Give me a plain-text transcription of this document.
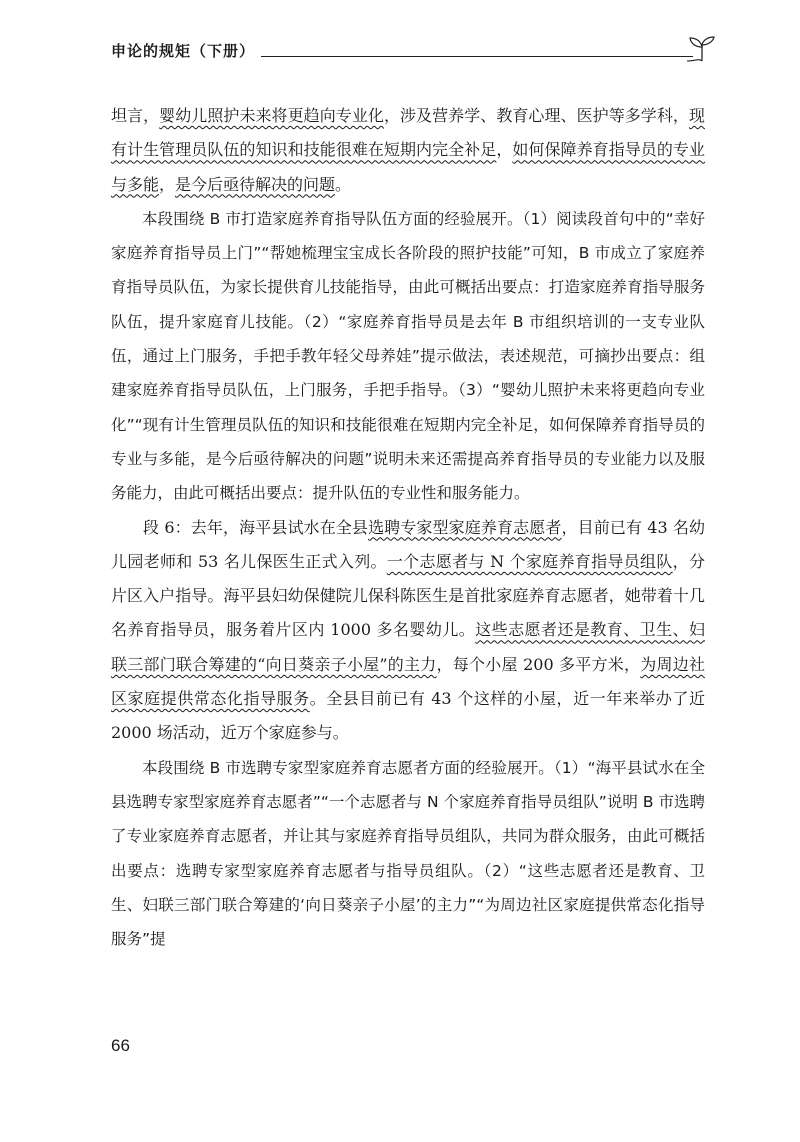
申论的规矩（下册）

坦言，婴幼儿照护未来将更趋向专业化，涉及营养学、教育心理、医护等多学科，现有计生管理员队伍的知识和技能很难在短期内完全补足，如何保障养育指导员的专业与多能，是今后亟待解决的问题。

本段围绕 B 市打造家庭养育指导队伍方面的经验展开。（1）阅读段首句中的“幸好家庭养育指导员上门”“帮她梳理宝宝成长各阶段的照护技能”可知，B 市成立了家庭养育指导员队伍，为家长提供育儿技能指导，由此可概括出要点：打造家庭养育指导服务队伍，提升家庭育儿技能。（2）“家庭养育指导员是去年 B 市组织培训的一支专业队伍，通过上门服务，手把手教年轻父母养娃”提示做法，表述规范，可摘抄出要点：组建家庭养育指导员队伍，上门服务，手把手指导。（3）“婴幼儿照护未来将更趋向专业化”“现有计生管理员队伍的知识和技能很难在短期内完全补足，如何保障养育指导员的专业与多能，是今后亟待解决的问题”说明未来还需提高养育指导员的专业能力以及服务能力，由此可概括出要点：提升队伍的专业性和服务能力。

段 6：去年，海平县试水在全县选聘专家型家庭养育志愿者，目前已有 43 名幼儿园老师和 53 名儿保医生正式入列。一个志愿者与 N 个家庭养育指导员组队，分片区入户指导。海平县妇幼保健院儿保科陈医生是首批家庭养育志愿者，她带着十几名养育指导员，服务着片区内 1000 多名婴幼儿。这些志愿者还是教育、卫生、妇联三部门联合筹建的“向日葵亲子小屋”的主力，每个小屋 200 多平方米，为周边社区家庭提供常态化指导服务。全县目前已有 43 个这样的小屋，近一年来举办了近 2000 场活动，近万个家庭参与。

本段围绕 B 市选聘专家型家庭养育志愿者方面的经验展开。（1）“海平县试水在全县选聘专家型家庭养育志愿者”“一个志愿者与 N 个家庭养育指导员组队”说明 B 市选聘了专业家庭养育志愿者，并让其与家庭养育指导员组队，共同为群众服务，由此可概括出要点：选聘专家型家庭养育志愿者与指导员组队。（2）“这些志愿者还是教育、卫生、妇联三部门联合筹建的‘向日葵亲子小屋’的主力”“为周边社区家庭提供常态化指导服务”提

66
